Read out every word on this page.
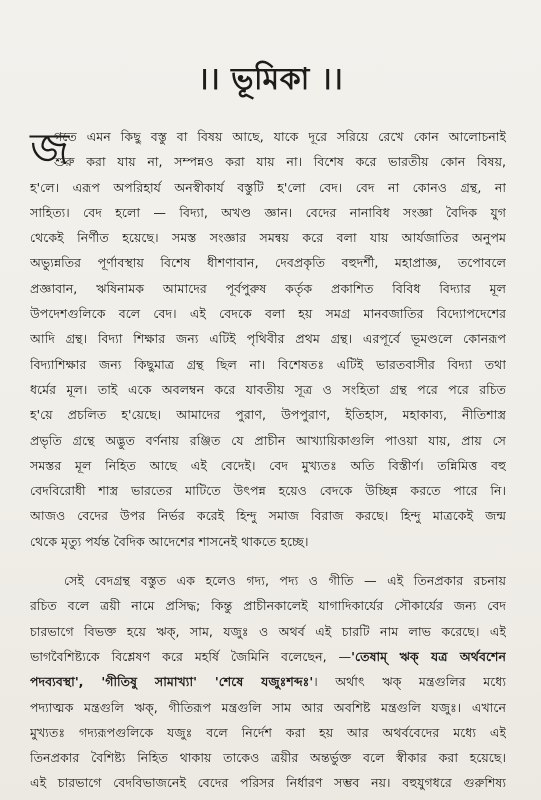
।। ভূমিকা ।।
জ
গতে এমন কিছু বস্তু বা বিষয় আছে, যাকে দূরে সরিয়ে রেখে কোন আলোচনাই
শুরু করা যায় না, সম্পন্নও করা যায় না। বিশেষ করে ভারতীয় কোন বিষয়,
হ'লে। এরূপ অপরিহার্য অনস্বীকার্য বস্তুটি হ'লো বেদ। বেদ না কোনও গ্রন্থ, না
সাহিত্য। বেদ হলো — বিদ্যা, অখণ্ড জ্ঞান। বেদের নানাবিধ সংজ্ঞা বৈদিক যুগ
থেকেই নির্ণীত হয়েছে। সমস্ত সংজ্ঞার সমন্বয় করে বলা যায় আর্যজাতির অনুপম
অভ্যুন্নতির পূর্ণাবস্থায় বিশেষ ধীশণাবান, দেবপ্রকৃতি বহুদর্শী, মহাপ্রাজ্ঞ, তপোবলে
প্রজ্ঞাবান, ঋষিনামক আমাদের পূর্বপুরুষ কর্তৃক প্রকাশিত বিবিধ বিদ্যার মূল
উপদেশগুলিকে বলে বেদ। এই বেদকে বলা হয় সমগ্র মানবজাতির বিদ্যোপদেশের
আদি গ্রন্থ। বিদ্যা শিক্ষার জন্য এটিই পৃথিবীর প্রথম গ্রন্থ। এরপূর্বে ভূমণ্ডলে কোনরূপ
বিদ্যাশিক্ষার জন্য কিছুমাত্র গ্রন্থ ছিল না। বিশেষতঃ এটিই ভারতবাসীর বিদ্যা তথা
ধর্মের মূল। তাই একে অবলম্বন করে যাবতীয় সূত্র ও সংহিতা গ্রন্থ পরে পরে রচিত
হ'য়ে প্রচলিত হ'য়েছে। আমাদের পুরাণ, উপপুরাণ, ইতিহাস, মহাকাব্য, নীতিশাস্ত্র
প্রভৃতি গ্রন্থে অদ্ভুত বর্ণনায় রঞ্জিত যে প্রাচীন আখ্যায়িকাগুলি পাওয়া যায়, প্রায় সে
সমস্তর মূল নিহিত আছে এই বেদেই। বেদ মুখ্যতঃ অতি বিস্তীর্ণ। তন্নিমিত্ত বহু
বেদবিরোধী শাস্ত্র ভারতের মাটিতে উৎপন্ন হয়েও বেদকে উচ্ছিন্ন করতে পারে নি।
আজও বেদের উপর নির্ভর করেই হিন্দু সমাজ বিরাজ করছে। হিন্দু মাত্রকেই জন্ম
থেকে মৃত্যু পর্যন্ত বৈদিক আদেশের শাসনেই থাকতে হচ্ছে।
সেই বেদগ্রন্থ বস্তুত এক হলেও গদ্য, পদ্য ও গীতি — এই তিনপ্রকার রচনায়
রচিত বলে ত্রয়ী নামে প্রসিদ্ধ; কিন্তু প্রাচীনকালেই যাগাদিকার্যের সৌকার্যের জন্য বেদ
চারভাগে বিভক্ত হয়ে ঋক্‌, সাম, যজুঃ ও অথর্ব এই চারটি নাম লাভ করেছে। এই
ভাগবৈশিষ্ট্যকে বিশ্লেষণ করে মহর্ষি জৈমিনি বলেছেন, —'তেষাম্‌ ঋক্‌ যত্র অর্থবশেন
পদব্যবস্থা', 'গীতিষু সামাখ্যা' 'শেষে যজুঃশব্দঃ'। অর্থাৎ ঋক্‌ মন্ত্রগুলির মধ্যে
পদ্যাত্মক মন্ত্রগুলি ঋক্‌, গীতিরূপ মন্ত্রগুলি সাম আর অবশিষ্ট মন্ত্রগুলি যজুঃ। এখানে
মুখ্যতঃ গদ্যরূপগুলিকে যজুঃ বলে নির্দেশ করা হয় আর অথর্ববেদের মধ্যে এই
তিনপ্রকার বৈশিষ্ট্য নিহিত থাকায় তাকেও ত্রয়ীর অন্তর্ভুক্ত বলে স্বীকার করা হয়েছে।
এই চারভাগে বেদবিভাজনেই বেদের পরিসর নির্ধারণ সম্ভব নয়। বহুযুগধরে গুরুশিষ্য
